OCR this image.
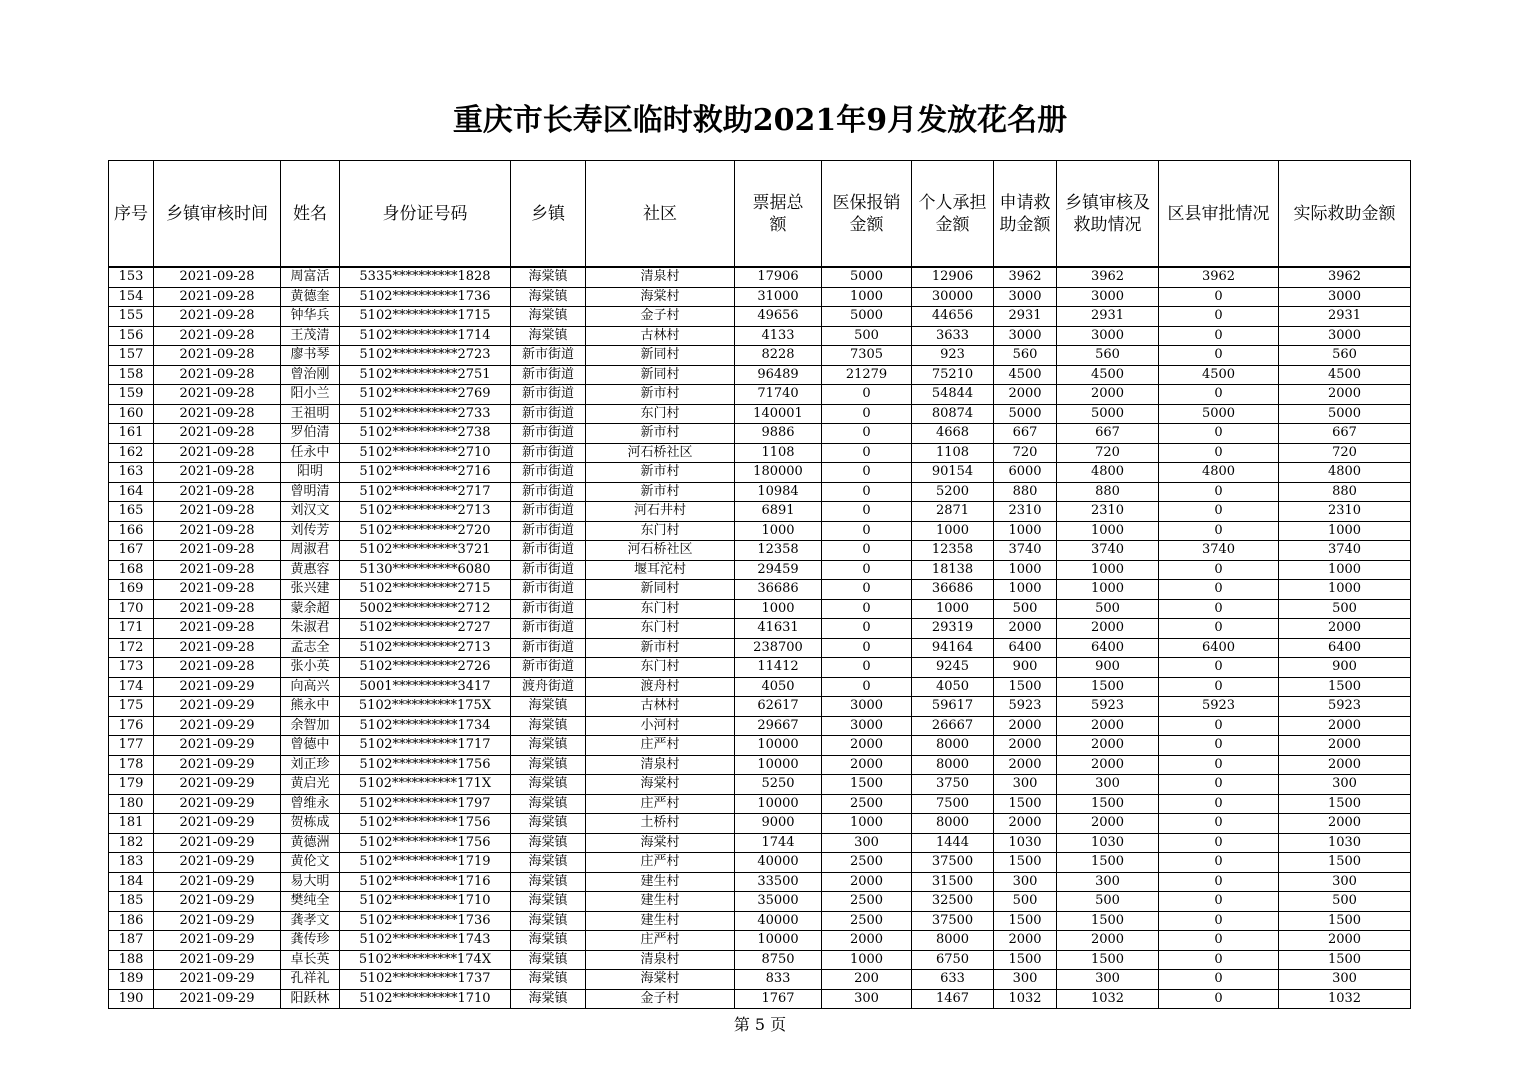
重庆市长寿区临时救助2021年9月发放花名册
序号	乡镇审核时间	姓名	身份证号码	乡镇	社区	票据总额	医保报销金额	个人承担金额	申请救助金额	乡镇审核及救助情况	区县审批情况	实际救助金额

153	2021-09-28	周富活	5335**********1828	海棠镇	清泉村	17906	5000	12906	3962	3962	3962	3962
154	2021-09-28	黄德奎	5102**********1736	海棠镇	海棠村	31000	1000	30000	3000	3000	0	3000
155	2021-09-28	钟华兵	5102**********1715	海棠镇	金子村	49656	5000	44656	2931	2931	0	2931
156	2021-09-28	王茂清	5102**********1714	海棠镇	古林村	4133	500	3633	3000	3000	0	3000
157	2021-09-28	廖书琴	5102**********2723	新市街道	新同村	8228	7305	923	560	560	0	560
158	2021-09-28	曾治刚	5102**********2751	新市街道	新同村	96489	21279	75210	4500	4500	4500	4500
159	2021-09-28	阳小兰	5102**********2769	新市街道	新市村	71740	0	54844	2000	2000	0	2000
160	2021-09-28	王祖明	5102**********2733	新市街道	东门村	140001	0	80874	5000	5000	5000	5000
161	2021-09-28	罗伯清	5102**********2738	新市街道	新市村	9886	0	4668	667	667	0	667
162	2021-09-28	任永中	5102**********2710	新市街道	河石桥社区	1108	0	1108	720	720	0	720
163	2021-09-28	阳明	5102**********2716	新市街道	新市村	180000	0	90154	6000	4800	4800	4800
164	2021-09-28	曾明清	5102**********2717	新市街道	新市村	10984	0	5200	880	880	0	880
165	2021-09-28	刘汉文	5102**********2713	新市街道	河石井村	6891	0	2871	2310	2310	0	2310
166	2021-09-28	刘传芳	5102**********2720	新市街道	东门村	1000	0	1000	1000	1000	0	1000
167	2021-09-28	周淑君	5102**********3721	新市街道	河石桥社区	12358	0	12358	3740	3740	3740	3740
168	2021-09-28	黄惠容	5130**********6080	新市街道	堰耳沱村	29459	0	18138	1000	1000	0	1000
169	2021-09-28	张兴建	5102**********2715	新市街道	新同村	36686	0	36686	1000	1000	0	1000
170	2021-09-28	蒙余超	5002**********2712	新市街道	东门村	1000	0	1000	500	500	0	500
171	2021-09-28	朱淑君	5102**********2727	新市街道	东门村	41631	0	29319	2000	2000	0	2000
172	2021-09-28	孟志全	5102**********2713	新市街道	新市村	238700	0	94164	6400	6400	6400	6400
173	2021-09-28	张小英	5102**********2726	新市街道	东门村	11412	0	9245	900	900	0	900
174	2021-09-29	向高兴	5001**********3417	渡舟街道	渡舟村	4050	0	4050	1500	1500	0	1500
175	2021-09-29	熊永中	5102**********175X	海棠镇	古林村	62617	3000	59617	5923	5923	5923	5923
176	2021-09-29	余智加	5102**********1734	海棠镇	小河村	29667	3000	26667	2000	2000	0	2000
177	2021-09-29	曾德中	5102**********1717	海棠镇	庄严村	10000	2000	8000	2000	2000	0	2000
178	2021-09-29	刘正珍	5102**********1756	海棠镇	清泉村	10000	2000	8000	2000	2000	0	2000
179	2021-09-29	黄启光	5102**********171X	海棠镇	海棠村	5250	1500	3750	300	300	0	300
180	2021-09-29	曾维永	5102**********1797	海棠镇	庄严村	10000	2500	7500	1500	1500	0	1500
181	2021-09-29	贺栋成	5102**********1756	海棠镇	土桥村	9000	1000	8000	2000	2000	0	2000
182	2021-09-29	黄德洲	5102**********1756	海棠镇	海棠村	1744	300	1444	1030	1030	0	1030
183	2021-09-29	黄伦文	5102**********1719	海棠镇	庄严村	40000	2500	37500	1500	1500	0	1500
184	2021-09-29	易大明	5102**********1716	海棠镇	建生村	33500	2000	31500	300	300	0	300
185	2021-09-29	樊纯全	5102**********1710	海棠镇	建生村	35000	2500	32500	500	500	0	500
186	2021-09-29	龚孝文	5102**********1736	海棠镇	建生村	40000	2500	37500	1500	1500	0	1500
187	2021-09-29	龚传珍	5102**********1743	海棠镇	庄严村	10000	2000	8000	2000	2000	0	2000
188	2021-09-29	卓长英	5102**********174X	海棠镇	清泉村	8750	1000	6750	1500	1500	0	1500
189	2021-09-29	孔祥礼	5102**********1737	海棠镇	海棠村	833	200	633	300	300	0	300
190	2021-09-29	阳跃林	5102**********1710	海棠镇	金子村	1767	300	1467	1032	1032	0	1032
第 5 页
